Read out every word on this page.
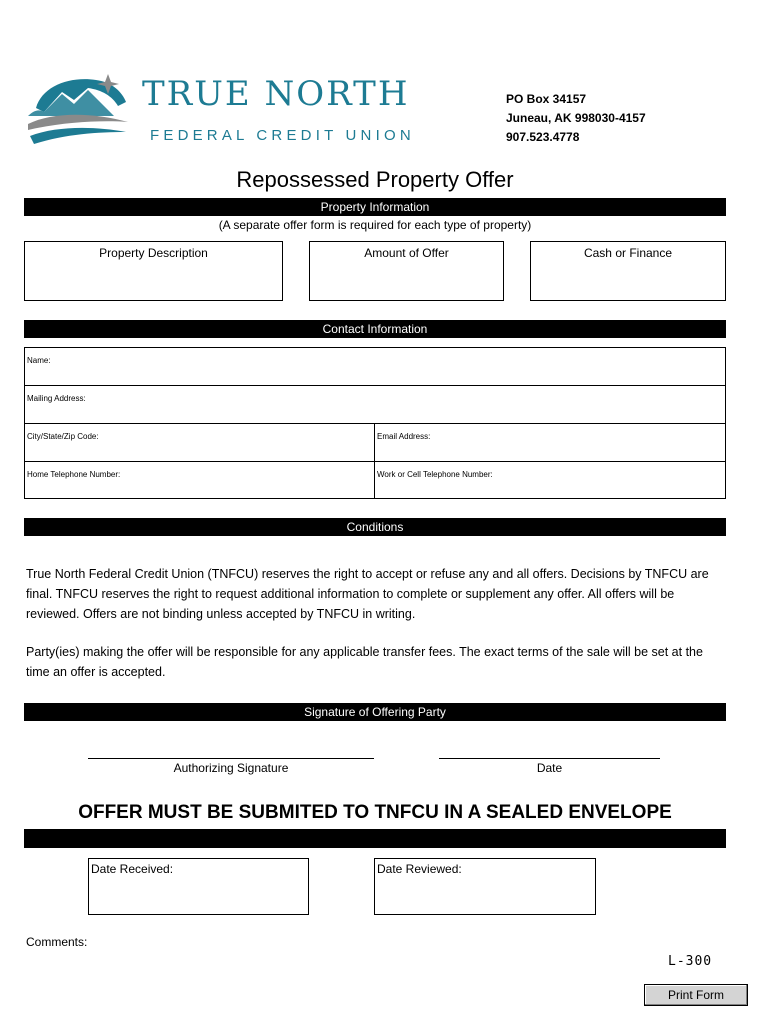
TRUE NORTH
FEDERAL CREDIT UNION
PO Box 34157
Juneau, AK 998030-4157
907.523.4778
Repossessed Property Offer
Property Information
(A separate offer form is required for each type of property)
Property Description	Amount of Offer	Cash or Finance
Contact Information
Name:
Mailing Address:
City/State/Zip Code:	Email Address:
Home Telephone Number:	Work or Cell Telephone Number:
Conditions
True North Federal Credit Union (TNFCU) reserves the right to accept or refuse any and all offers. Decisions by TNFCU are final. TNFCU reserves the right to request additional information to complete or supplement any offer. All offers will be reviewed. Offers are not binding unless accepted by TNFCU in writing.
Party(ies) making the offer will be responsible for any applicable transfer fees. The exact terms of the sale will be set at the time an offer is accepted.
Signature of Offering Party
Authorizing Signature	Date
OFFER MUST BE SUBMITED TO TNFCU IN A SEALED ENVELOPE
Date Received:	Date Reviewed:
Comments:
L-300
Print Form
